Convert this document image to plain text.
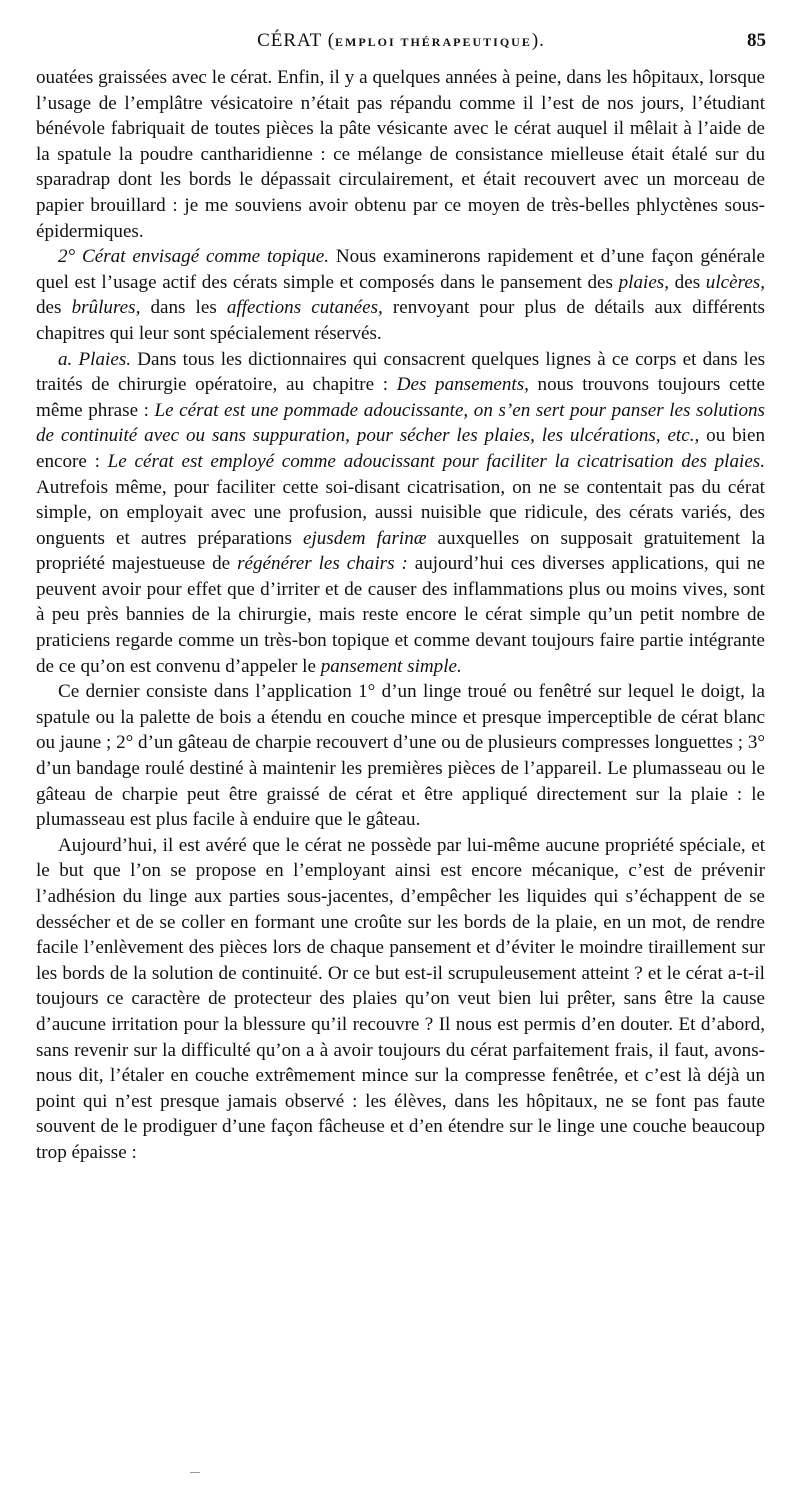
CÉRAT (EMPLOI THÉRAPEUTIQUE).	85

ouatées graissées avec le cérat. Enfin, il y a quelques années à peine, dans les hôpitaux, lorsque l’usage de l’emplâtre vésicatoire n’était pas répandu comme il l’est de nos jours, l’étudiant bénévole fabriquait de toutes pièces la pâte vésicante avec le cérat auquel il mêlait à l’aide de la spatule la poudre cantharidienne : ce mélange de consistance mielleuse était étalé sur du sparadrap dont les bords le dépassait circulairement, et était recouvert avec un morceau de papier brouillard : je me souviens avoir obtenu par ce moyen de très-belles phlyctènes sous-épidermiques.

2° Cérat envisagé comme topique. Nous examinerons rapidement et d’une façon générale quel est l’usage actif des cérats simple et composés dans le pansement des plaies, des ulcères, des brûlures, dans les affections cutanées, renvoyant pour plus de détails aux différents chapitres qui leur sont spécialement réservés.

a. Plaies. Dans tous les dictionnaires qui consacrent quelques lignes à ce corps et dans les traités de chirurgie opératoire, au chapitre : Des pansements, nous trouvons toujours cette même phrase : Le cérat est une pommade adoucissante, on s’en sert pour panser les solutions de continuité avec ou sans suppuration, pour sécher les plaies, les ulcérations, etc., ou bien encore : Le cérat est employé comme adoucissant pour faciliter la cicatrisation des plaies. Autrefois même, pour faciliter cette soi-disant cicatrisation, on ne se contentait pas du cérat simple, on employait avec une profusion, aussi nuisible que ridicule, des cérats variés, des onguents et autres préparations ejusdem farinæ auxquelles on supposait gratuitement la propriété majestueuse de régénérer les chairs : aujourd’hui ces diverses applications, qui ne peuvent avoir pour effet que d’irriter et de causer des inflammations plus ou moins vives, sont à peu près bannies de la chirurgie, mais reste encore le cérat simple qu’un petit nombre de praticiens regarde comme un très-bon topique et comme devant toujours faire partie intégrante de ce qu’on est convenu d’appeler le pansement simple.

Ce dernier consiste dans l’application 1° d’un linge troué ou fenêtré sur lequel le doigt, la spatule ou la palette de bois a étendu en couche mince et presque imperceptible de cérat blanc ou jaune ; 2° d’un gâteau de charpie recouvert d’une ou de plusieurs compresses longuettes ; 3° d’un bandage roulé destiné à maintenir les premières pièces de l’appareil. Le plumasseau ou le gâteau de charpie peut être graissé de cérat et être appliqué directement sur la plaie : le plumasseau est plus facile à enduire que le gâteau.

Aujourd’hui, il est avéré que le cérat ne possède par lui-même aucune propriété spéciale, et le but que l’on se propose en l’employant ainsi est encore mécanique, c’est de prévenir l’adhésion du linge aux parties sous-jacentes, d’empêcher les liquides qui s’échappent de se dessécher et de se coller en formant une croûte sur les bords de la plaie, en un mot, de rendre facile l’enlèvement des pièces lors de chaque pansement et d’éviter le moindre tiraillement sur les bords de la solution de continuité. Or ce but est-il scrupuleusement atteint ? et le cérat a-t-il toujours ce caractère de protecteur des plaies qu’on veut bien lui prêter, sans être la cause d’aucune irritation pour la blessure qu’il recouvre ? Il nous est permis d’en douter. Et d’abord, sans revenir sur la difficulté qu’on a à avoir toujours du cérat parfaitement frais, il faut, avons-nous dit, l’étaler en couche extrêmement mince sur la compresse fenêtrée, et c’est là déjà un point qui n’est presque jamais observé : les élèves, dans les hôpitaux, ne se font pas faute souvent de le prodiguer d’une façon fâcheuse et d’en étendre sur le linge une couche beaucoup trop épaisse :
